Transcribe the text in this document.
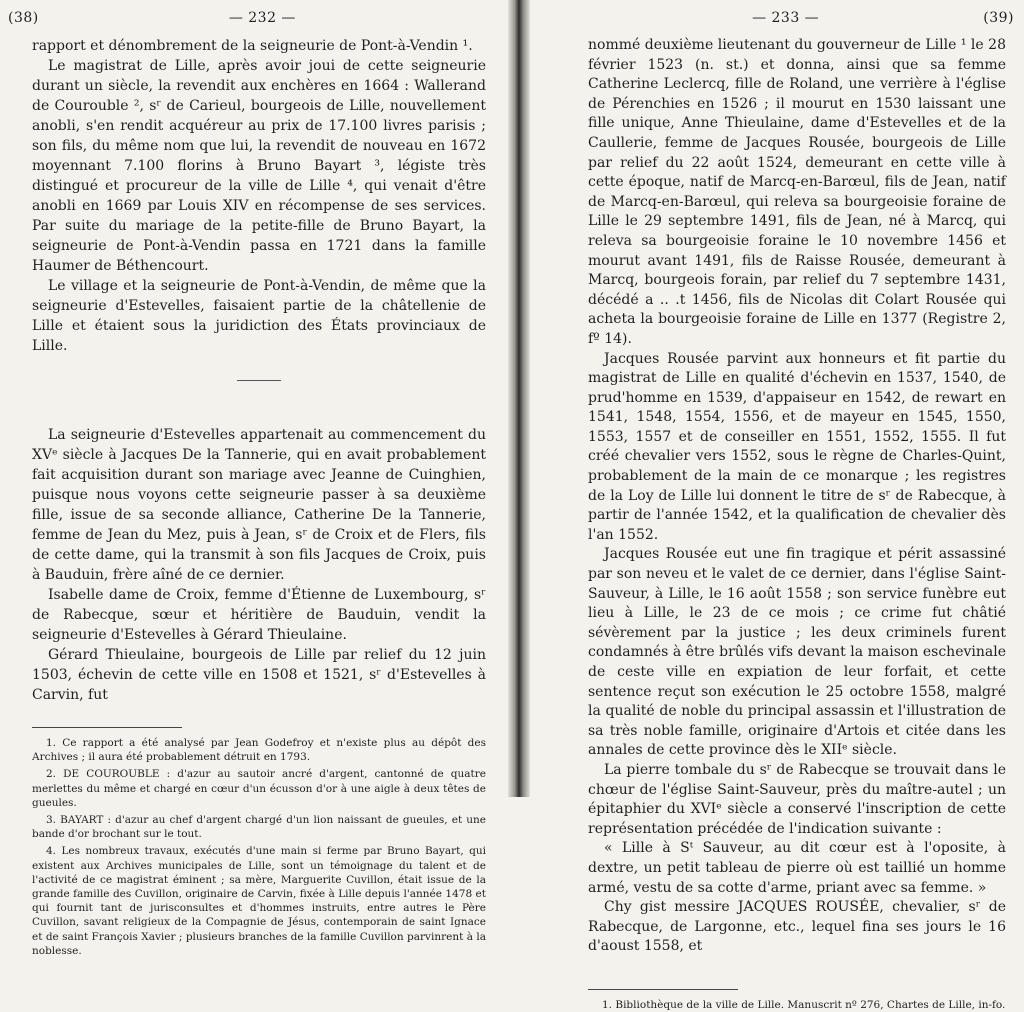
(38)	— 232 —

rapport et dénombrement de la seigneurie de Pont-à-Vendin ¹.

Le magistrat de Lille, après avoir joui de cette seigneurie durant un siècle, la revendit aux enchères en 1664 : Wallerand de Courouble ², sʳ de Carieul, bourgeois de Lille, nouvellement anobli, s'en rendit acquéreur au prix de 17.100 livres parisis ; son fils, du même nom que lui, la revendit de nouveau en 1672 moyennant 7.100 florins à Bruno Bayart ³, légiste très distingué et procureur de la ville de Lille ⁴, qui venait d'être anobli en 1669 par Louis XIV en récompense de ses services. Par suite du mariage de la petite-fille de Bruno Bayart, la seigneurie de Pont-à-Vendin passa en 1721 dans la famille Haumer de Béthencourt.

Le village et la seigneurie de Pont-à-Vendin, de même que la seigneurie d'Estevelles, faisaient partie de la châtellenie de Lille et étaient sous la juridiction des États provinciaux de Lille.

La seigneurie d'Estevelles appartenait au commencement du XVᵉ siècle à Jacques De la Tannerie, qui en avait probablement fait acquisition durant son mariage avec Jeanne de Cuinghien, puisque nous voyons cette seigneurie passer à sa deuxième fille, issue de sa seconde alliance, Catherine De la Tannerie, femme de Jean du Mez, puis à Jean, sʳ de Croix et de Flers, fils de cette dame, qui la transmit à son fils Jacques de Croix, puis à Bauduin, frère aîné de ce dernier.

Isabelle dame de Croix, femme d'Étienne de Luxembourg, sʳ de Rabecque, sœur et héritière de Bauduin, vendit la seigneurie d'Estevelles à Gérard Thieulaine.

Gérard Thieulaine, bourgeois de Lille par relief du 12 juin 1503, échevin de cette ville en 1508 et 1521, sʳ d'Estevelles à Carvin, fut

1. Ce rapport a été analysé par Jean Godefroy et n'existe plus au dépôt des Archives ; il aura été probablement détruit en 1793.

2. DE COUROUBLE : d'azur au sautoir ancré d'argent, cantonné de quatre merlettes du même et chargé en cœur d'un écusson d'or à une aigle à deux têtes de gueules.

3. BAYART : d'azur au chef d'argent chargé d'un lion naissant de gueules, et une bande d'or brochant sur le tout.

4. Les nombreux travaux, exécutés d'une main si ferme par Bruno Bayart, qui existent aux Archives municipales de Lille, sont un témoignage du talent et de l'activité de ce magistrat éminent ; sa mère, Marguerite Cuvillon, était issue de la grande famille des Cuvillon, originaire de Carvin, fixée à Lille depuis l'année 1478 et qui fournit tant de jurisconsultes et d'hommes instruits, entre autres le Père Cuvillon, savant religieux de la Compagnie de Jésus, contemporain de saint Ignace et de saint François Xavier ; plusieurs branches de la famille Cuvillon parvinrent à la noblesse.

— 233 —	(39)

nommé deuxième lieutenant du gouverneur de Lille ¹ le 28 février 1523 (n. st.) et donna, ainsi que sa femme Catherine Leclercq, fille de Roland, une verrière à l'église de Pérenchies en 1526 ; il mourut en 1530 laissant une fille unique, Anne Thieulaine, dame d'Estevelles et de la Caullerie, femme de Jacques Rousée, bourgeois de Lille par relief du 22 août 1524, demeurant en cette ville à cette époque, natif de Marcq-en-Barœul, fils de Jean, natif de Marcq-en-Barœul, qui releva sa bourgeoisie foraine de Lille le 29 septembre 1491, fils de Jean, né à Marcq, qui releva sa bourgeoisie foraine le 10 novembre 1456 et mourut avant 1491, fils de Raisse Rousée, demeurant à Marcq, bourgeois forain, par relief du 7 septembre 1431, décédé a .. .t 1456, fils de Nicolas dit Colart Rousée qui acheta la bourgeoisie foraine de Lille en 1377 (Registre 2, fº 14).

Jacques Rousée parvint aux honneurs et fit partie du magistrat de Lille en qualité d'échevin en 1537, 1540, de prud'homme en 1539, d'appaiseur en 1542, de rewart en 1541, 1548, 1554, 1556, et de mayeur en 1545, 1550, 1553, 1557 et de conseiller en 1551, 1552, 1555. Il fut créé chevalier vers 1552, sous le règne de Charles-Quint, probablement de la main de ce monarque ; les registres de la Loy de Lille lui donnent le titre de sʳ de Rabecque, à partir de l'année 1542, et la qualification de chevalier dès l'an 1552.

Jacques Rousée eut une fin tragique et périt assassiné par son neveu et le valet de ce dernier, dans l'église Saint-Sauveur, à Lille, le 16 août 1558 ; son service funèbre eut lieu à Lille, le 23 de ce mois ; ce crime fut châtié sévèrement par la justice ; les deux criminels furent condamnés à être brûlés vifs devant la maison eschevinale de ceste ville en expiation de leur forfait, et cette sentence reçut son exécution le 25 octobre 1558, malgré la qualité de noble du principal assassin et l'illustration de sa très noble famille, originaire d'Artois et citée dans les annales de cette province dès le XIIᵉ siècle.

La pierre tombale du sʳ de Rabecque se trouvait dans le chœur de l'église Saint-Sauveur, près du maître-autel ; un épitaphier du XVIᵉ siècle a conservé l'inscription de cette représentation précédée de l'indication suivante :

« Lille à Sᵗ Sauveur, au dit cœur est à l'oposite, à dextre, un petit tableau de pierre où est taillié un homme armé, vestu de sa cotte d'arme, priant avec sa femme. »

Chy gist messire JACQUES ROUSÉE, chevalier, sʳ de Rabecque, de Largonne, etc., lequel fina ses jours le 16 d'aoust 1558, et

1. Bibliothèque de la ville de Lille. Manuscrit nº 276, Chartes de Lille, in-fo.
